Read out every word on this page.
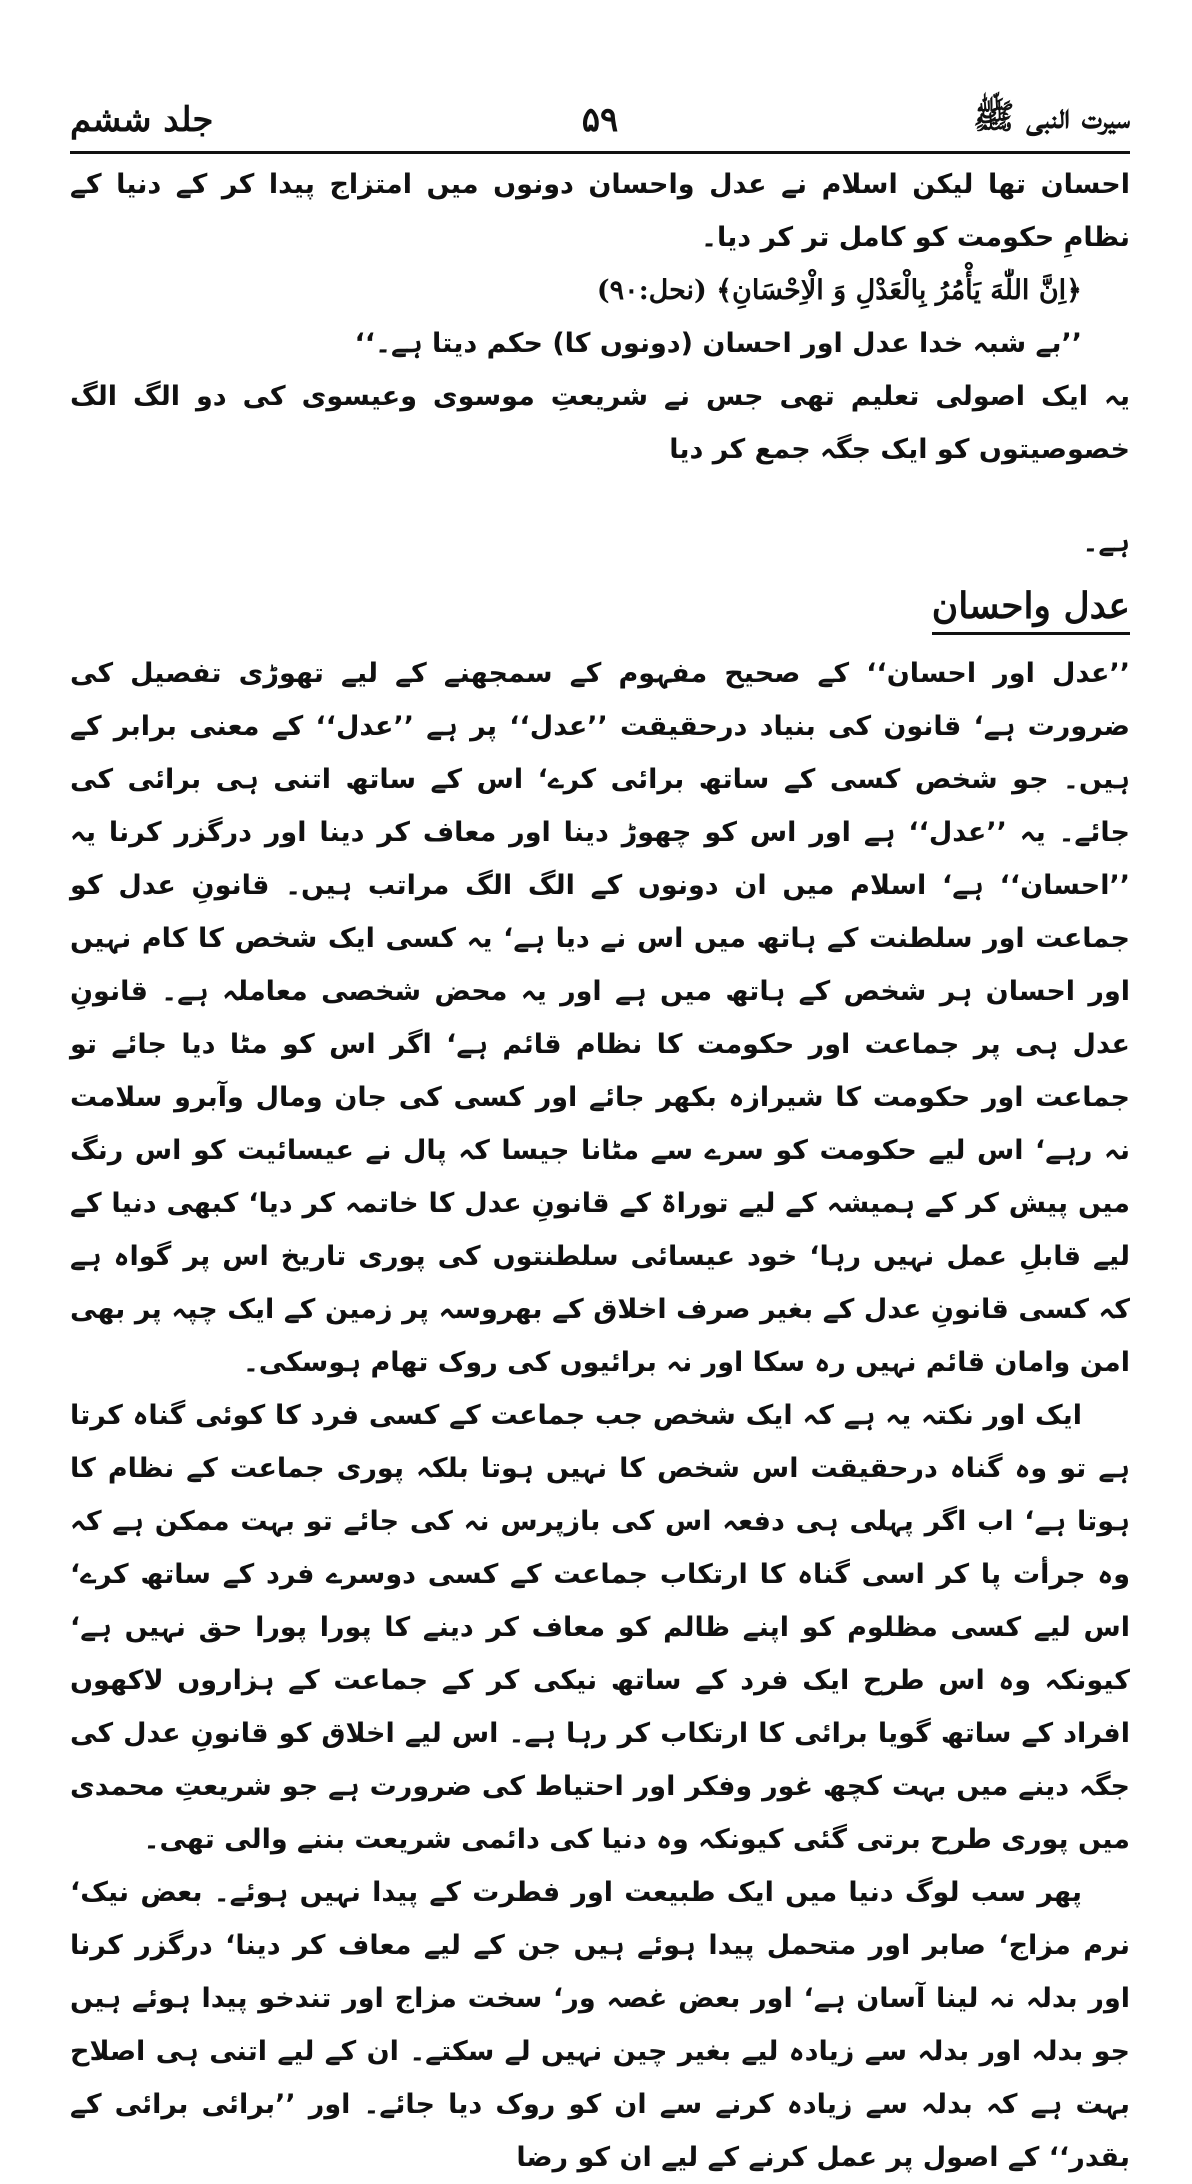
سیرت النبی ﷺ
۵۹
جلد ششم

احسان تھا لیکن اسلام نے عدل واحسان دونوں میں امتزاج پیدا کر کے دنیا کے نظامِ حکومت کو کامل تر کر دیا۔

﴿اِنَّ اللّٰهَ يَأْمُرُ بِالْعَدْلِ وَ الْاِحْسَانِ﴾ (نحل:۹۰)

’’بے شبہ خدا عدل اور احسان (دونوں کا) حکم دیتا ہے۔‘‘

یہ ایک اصولی تعلیم تھی جس نے شریعتِ موسوی وعیسوی کی دو الگ الگ خصوصیتوں کو ایک جگہ جمع کر دیا

ہے۔

عدل واحسان

’’عدل اور احسان‘‘ کے صحیح مفہوم کے سمجھنے کے لیے تھوڑی تفصیل کی ضرورت ہے‘ قانون کی بنیاد درحقیقت ’’عدل‘‘ پر ہے ’’عدل‘‘ کے معنی برابر کے ہیں۔ جو شخص کسی کے ساتھ برائی کرے‘ اس کے ساتھ اتنی ہی برائی کی جائے۔ یہ ’’عدل‘‘ ہے اور اس کو چھوڑ دینا اور معاف کر دینا اور درگزر کرنا یہ ’’احسان‘‘ ہے‘ اسلام میں ان دونوں کے الگ الگ مراتب ہیں۔ قانونِ عدل کو جماعت اور سلطنت کے ہاتھ میں اس نے دیا ہے‘ یہ کسی ایک شخص کا کام نہیں اور احسان ہر شخص کے ہاتھ میں ہے اور یہ محض شخصی معاملہ ہے۔ قانونِ عدل ہی پر جماعت اور حکومت کا نظام قائم ہے‘ اگر اس کو مٹا دیا جائے تو جماعت اور حکومت کا شیرازہ بکھر جائے اور کسی کی جان ومال وآبرو سلامت نہ رہے‘ اس لیے حکومت کو سرے سے مٹانا جیسا کہ پال نے عیسائیت کو اس رنگ میں پیش کر کے ہمیشہ کے لیے توراۃ کے قانونِ عدل کا خاتمہ کر دیا‘ کبھی دنیا کے لیے قابلِ عمل نہیں رہا‘ خود عیسائی سلطنتوں کی پوری تاریخ اس پر گواہ ہے کہ کسی قانونِ عدل کے بغیر صرف اخلاق کے بھروسہ پر زمین کے ایک چپہ پر بھی امن وامان قائم نہیں رہ سکا اور نہ برائیوں کی روک تھام ہوسکی۔

ایک اور نکتہ یہ ہے کہ ایک شخص جب جماعت کے کسی فرد کا کوئی گناہ کرتا ہے تو وہ گناہ درحقیقت اس شخص کا نہیں ہوتا بلکہ پوری جماعت کے نظام کا ہوتا ہے‘ اب اگر پہلی ہی دفعہ اس کی بازپرس نہ کی جائے تو بہت ممکن ہے کہ وہ جرأت پا کر اسی گناہ کا ارتکاب جماعت کے کسی دوسرے فرد کے ساتھ کرے‘ اس لیے کسی مظلوم کو اپنے ظالم کو معاف کر دینے کا پورا پورا حق نہیں ہے‘ کیونکہ وہ اس طرح ایک فرد کے ساتھ نیکی کر کے جماعت کے ہزاروں لاکھوں افراد کے ساتھ گویا برائی کا ارتکاب کر رہا ہے۔ اس لیے اخلاق کو قانونِ عدل کی جگہ دینے میں بہت کچھ غور وفکر اور احتیاط کی ضرورت ہے جو شریعتِ محمدی میں پوری طرح برتی گئی کیونکہ وہ دنیا کی دائمی شریعت بننے والی تھی۔

پھر سب لوگ دنیا میں ایک طبیعت اور فطرت کے پیدا نہیں ہوئے۔ بعض نیک‘ نرم مزاج‘ صابر اور متحمل پیدا ہوئے ہیں جن کے لیے معاف کر دینا‘ درگزر کرنا اور بدلہ نہ لینا آسان ہے‘ اور بعض غصہ ور‘ سخت مزاج اور تندخو پیدا ہوئے ہیں جو بدلہ اور بدلہ سے زیادہ لیے بغیر چین نہیں لے سکتے۔ ان کے لیے اتنی ہی اصلاح بہت ہے کہ بدلہ سے زیادہ کرنے سے ان کو روک دیا جائے۔ اور ’’برائی برائی کے بقدر‘‘ کے اصول پر عمل کرنے کے لیے ان کو رضا
